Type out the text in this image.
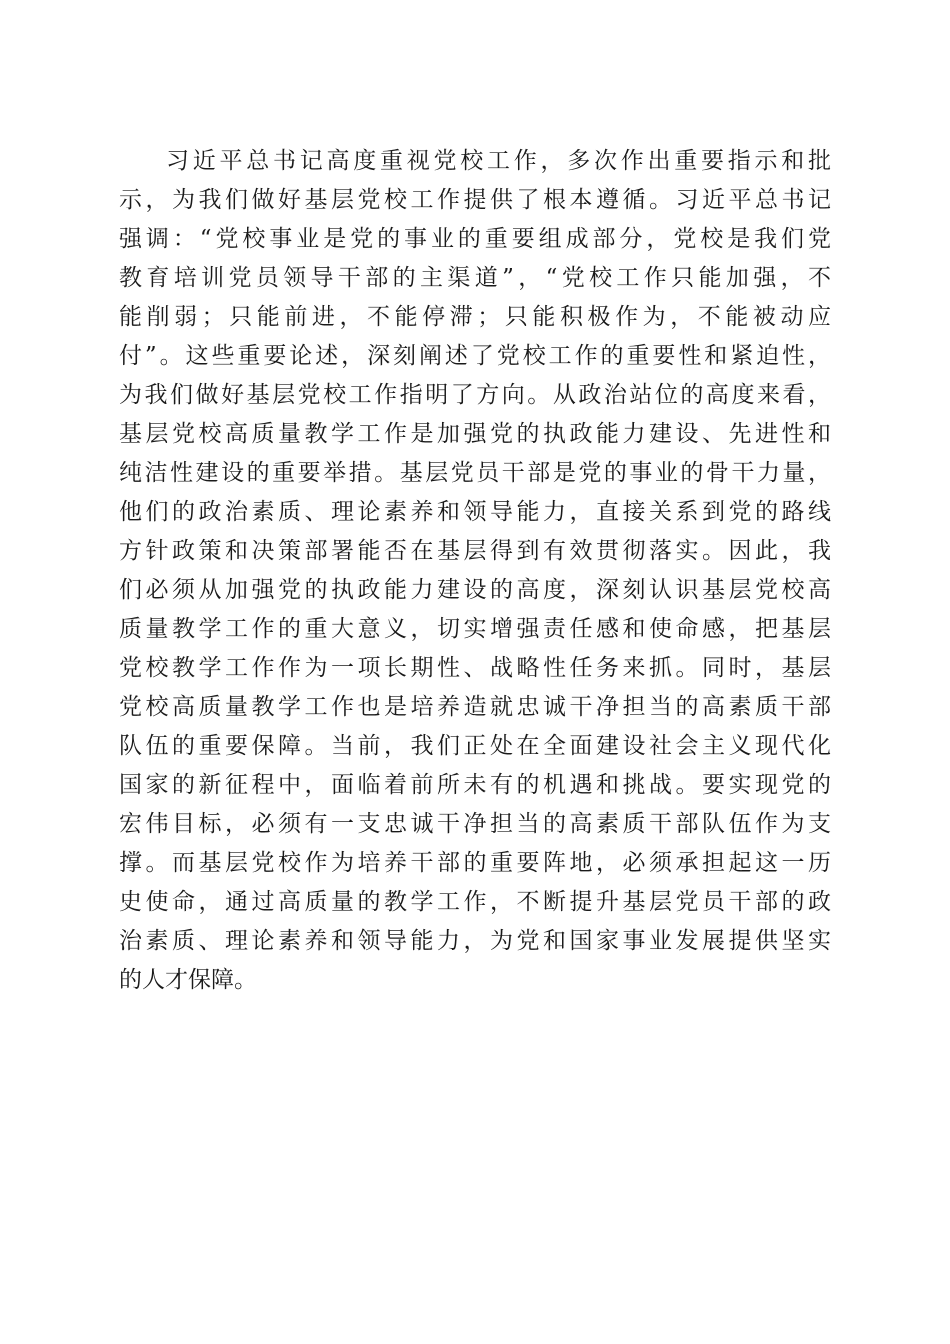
习近平总书记高度重视党校工作，多次作出重要指示和批
示，为我们做好基层党校工作提供了根本遵循。习近平总书记
强调：“党校事业是党的事业的重要组成部分，党校是我们党
教育培训党员领导干部的主渠道”，“党校工作只能加强，不
能削弱；只能前进，不能停滞；只能积极作为，不能被动应
付”。这些重要论述，深刻阐述了党校工作的重要性和紧迫性，
为我们做好基层党校工作指明了方向。从政治站位的高度来看，
基层党校高质量教学工作是加强党的执政能力建设、先进性和
纯洁性建设的重要举措。基层党员干部是党的事业的骨干力量，
他们的政治素质、理论素养和领导能力，直接关系到党的路线
方针政策和决策部署能否在基层得到有效贯彻落实。因此，我
们必须从加强党的执政能力建设的高度，深刻认识基层党校高
质量教学工作的重大意义，切实增强责任感和使命感，把基层
党校教学工作作为一项长期性、战略性任务来抓。同时，基层
党校高质量教学工作也是培养造就忠诚干净担当的高素质干部
队伍的重要保障。当前，我们正处在全面建设社会主义现代化
国家的新征程中，面临着前所未有的机遇和挑战。要实现党的
宏伟目标，必须有一支忠诚干净担当的高素质干部队伍作为支
撑。而基层党校作为培养干部的重要阵地，必须承担起这一历
史使命，通过高质量的教学工作，不断提升基层党员干部的政
治素质、理论素养和领导能力，为党和国家事业发展提供坚实
的人才保障。
